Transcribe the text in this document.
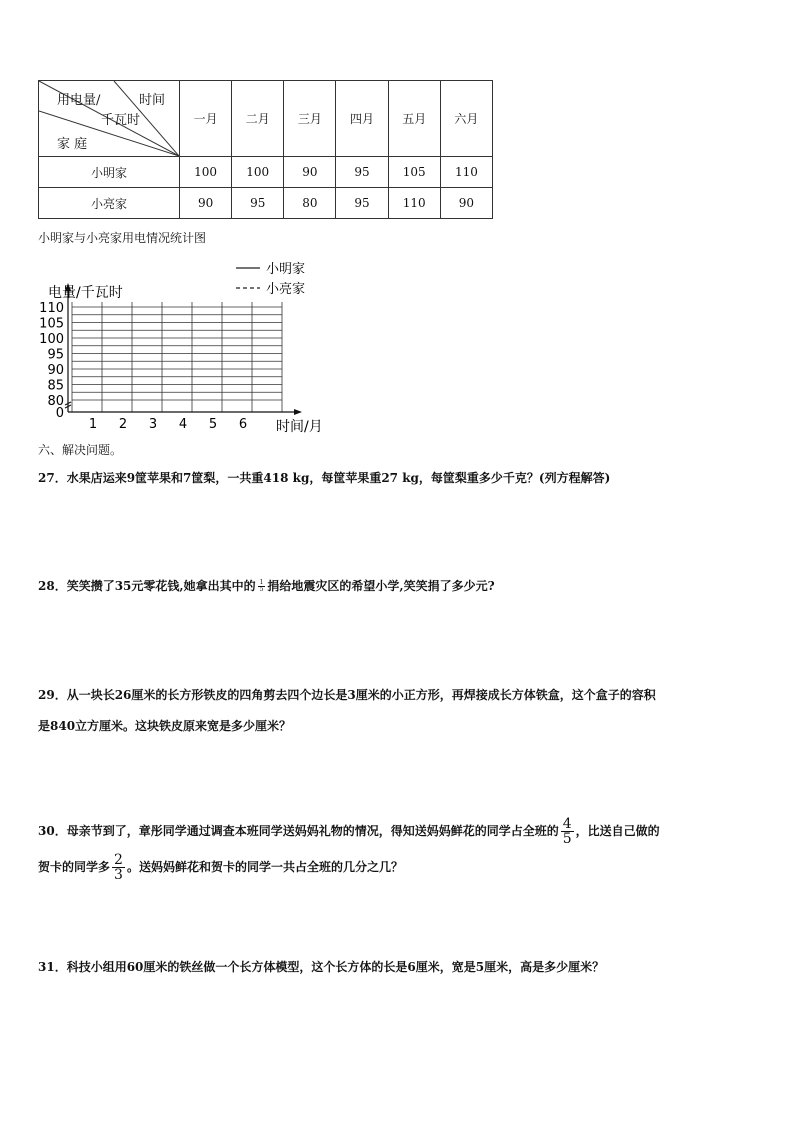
用电量/ 时间
千瓦时
家 庭	一月	二月	三月	四月	五月	六月
小明家	100	100	90	95	105	110
小亮家	90	95	80	95	110	90
小明家与小亮家用电情况统计图
0
80
85
90
95
100
105
110
1 2 3 4 5 6
电量/千瓦时
时间/月
小明家
小亮家
六、解决问题。
27．水果店运来9筐苹果和7筐梨，一共重418 kg，每筐苹果重27 kg，每筐梨重多少千克？(列方程解答)
28．笑笑攒了35元零花钱,她拿出其中的 $\frac{1}{5}$ 捐给地震灾区的希望小学,笑笑捐了多少元?
29．从一块长26厘米的长方形铁皮的四角剪去四个边长是3厘米的小正方形，再焊接成长方体铁盒，这个盒子的容积
是840立方厘米。这块铁皮原来宽是多少厘米？
30．母亲节到了，章彤同学通过调查本班同学送妈妈礼物的情况，得知送妈妈鲜花的同学占全班的 $\frac{4}{5}$ ，比送自己做的
贺卡的同学多 $\frac{2}{3}$ 。送妈妈鲜花和贺卡的同学一共占全班的几分之几？
31．科技小组用60厘米的铁丝做一个长方体模型，这个长方体的长是6厘米，宽是5厘米，高是多少厘米？
